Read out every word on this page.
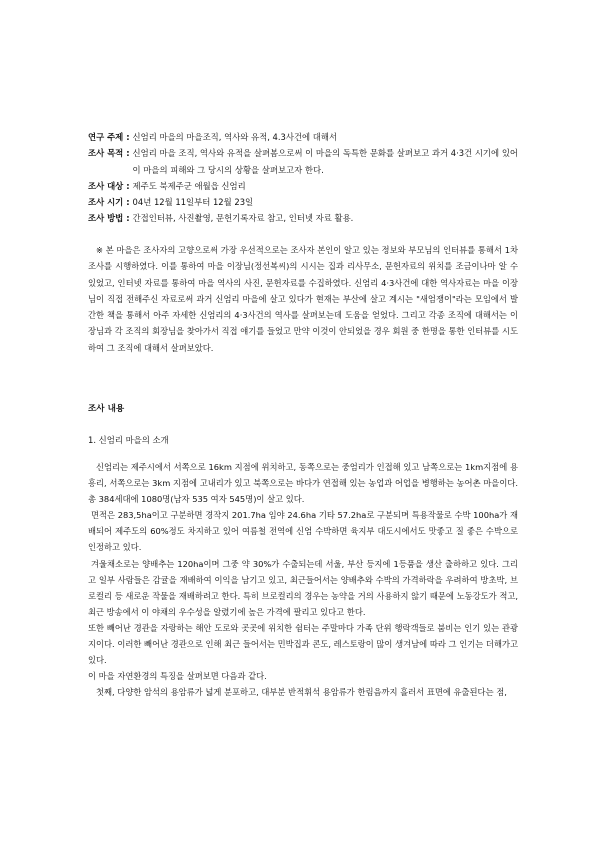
연구 주제 : 신엄리 마을의 마을조직, 역사와 유적, 4.3사건에 대해서
조사 목적 : 신엄리 마을 조직, 역사와 유적을 살펴봄으로써 이 마을의 독특한 문화를 살펴보고 과거 4·3건 시기에 있어 이 마을의 피해와 그 당시의 상황을 살펴보고자 한다.
조사 대상 : 제주도 북제주군 애월읍 신엄리
조사 시기 : 04년 12월 11일부터 12월 23일
조사 방법 : 간접인터뷰, 사진촬영, 문헌기록자료 참고, 인터넷 자료 활용.
※ 본 마을은 조사자의 고향으로써 가장 우선적으로는 조사자 본인이 알고 있는 정보와 부모님의 인터뷰를 통해서 1차조사를 시행하였다. 이를 통하여 마을 이장님(정선복씨)의 시시는 집과 리사무소, 문헌자료의 위치를 조금이나마 알 수 있었고, 인터넷 자료를 통하여 마을 역사의 사진, 문헌자료를 수집하였다. 신엄리 4·3사건에 대한 역사자료는 마을 이장님이 직접 전해주신 자료로써 과거 신엄리 마을에 살고 있다가 현재는 부산에 살고 계시는 "새엄쟁이"라는 모임에서 발간한 책을 통해서 아주 자세한 신엄리의 4·3사건의 역사를 살펴보는데 도움을 얻었다. 그리고 각종 조직에 대해서는 이장님과 각 조직의 회장님을 찾아가서 직접 얘기를 들었고 만약 이것이 안되었을 경우 회원 중 한명을 통한 인터뷰를 시도하여 그 조직에 대해서 살펴보았다.
조사 내용
1. 신엄리 마을의 소개

신엄리는 제주시에서 서쪽으로 16km 지점에 위치하고, 동쪽으로는 중엄리가 인접해 있고 남쪽으로는 1km지점에 용흥리, 서쪽으로는 3km 지점에 고내리가 있고 북쪽으로는 바다가 연접해 있는 농업과 어업을 병행하는 농어촌 마을이다. 총 384세대에 1080명(남자 535 여자 545명)이 살고 있다.

면적은 283,5ha이고 구분하면 경작지 201.7ha 임야 24.6ha 기타 57.2ha로 구분되며 특용작물로 수박 100ha가 재배되어 제주도의 60%정도 차지하고 있어 여름철 전역에 신엄 수박하면 육지부 대도시에서도 맛좋고 질 좋은 수박으로 인정하고 있다.

겨울채소로는 양배추는 120ha이며 그중 약 30%가 수출되는데 서울, 부산 등지에 1등품을 생산 출하하고 있다. 그리고 일부 사람들은 감귤을 재배하여 이익을 남기고 있고, 최근들어서는 양배추와 수박의 가격하락을 우려하여 방초박, 브로컬리 등 새로운 작물을 재배하려고 한다. 특히 브로컬리의 경우는 농약을 거의 사용하지 않기 때문에 노동강도가 적고, 최근 방송에서 이 야채의 우수성을 알렸기에 높은 가격에 팔리고 있다고 한다.

또한 빼어난 경관을 자랑하는 해안 도로와 곳곳에 위치한 쉼터는 주말마다 가족 단위 행락객들로 붐비는 인기 있는 관광지이다. 이러한 빼어난 경관으로 인해 최근 들어서는 민박집과 콘도, 레스토랑이 많이 생겨남에 따라 그 인기는 더해가고 있다.

이 마을 자연환경의 특징을 살펴보면 다음과 같다.

첫째, 다양한 암석의 용암류가 넓게 분포하고, 대부분 반적휘석 용암류가 한림음까지 흘러서 표면에 유출된다는 점,
